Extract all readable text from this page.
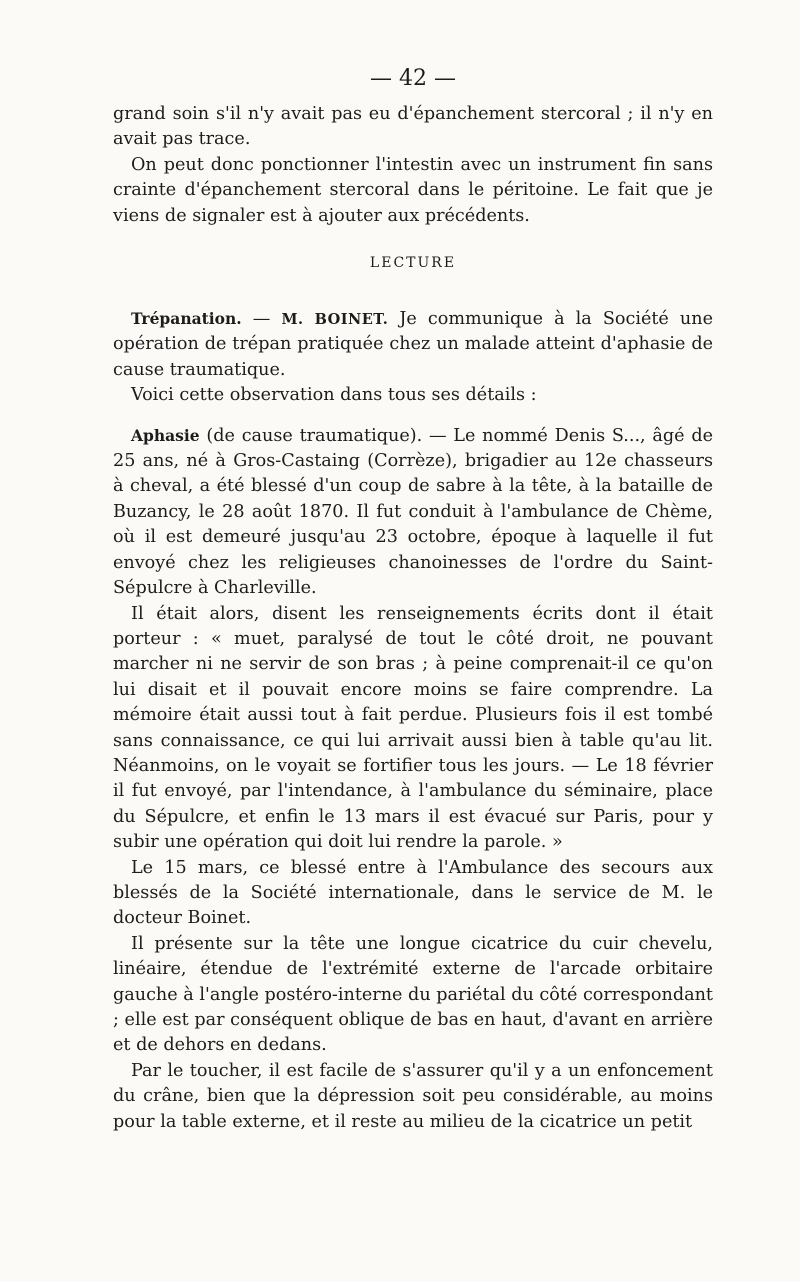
— 42 —

grand soin s'il n'y avait pas eu d'épanchement stercoral ; il n'y en avait pas trace.

On peut donc ponctionner l'intestin avec un instrument fin sans crainte d'épanchement stercoral dans le péritoine. Le fait que je viens de signaler est à ajouter aux précédents.

LECTURE

Trépanation. — M. BOINET. Je communique à la Société une opération de trépan pratiquée chez un malade atteint d'aphasie de cause traumatique.

Voici cette observation dans tous ses détails :

Aphasie (de cause traumatique). — Le nommé Denis S..., âgé de 25 ans, né à Gros-Castaing (Corrèze), brigadier au 12e chasseurs à cheval, a été blessé d'un coup de sabre à la tête, à la bataille de Buzancy, le 28 août 1870. Il fut conduit à l'ambulance de Chème, où il est demeuré jusqu'au 23 octobre, époque à laquelle il fut envoyé chez les religieuses chanoinesses de l'ordre du Saint-Sépulcre à Charleville.

Il était alors, disent les renseignements écrits dont il était porteur : « muet, paralysé de tout le côté droit, ne pouvant marcher ni ne servir de son bras ; à peine comprenait-il ce qu'on lui disait et il pouvait encore moins se faire comprendre. La mémoire était aussi tout à fait perdue. Plusieurs fois il est tombé sans connaissance, ce qui lui arrivait aussi bien à table qu'au lit. Néanmoins, on le voyait se fortifier tous les jours. — Le 18 février il fut envoyé, par l'intendance, à l'ambulance du séminaire, place du Sépulcre, et enfin le 13 mars il est évacué sur Paris, pour y subir une opération qui doit lui rendre la parole. »

Le 15 mars, ce blessé entre à l'Ambulance des secours aux blessés de la Société internationale, dans le service de M. le docteur Boinet.

Il présente sur la tête une longue cicatrice du cuir chevelu, linéaire, étendue de l'extrémité externe de l'arcade orbitaire gauche à l'angle postéro-interne du pariétal du côté correspondant ; elle est par conséquent oblique de bas en haut, d'avant en arrière et de dehors en dedans.

Par le toucher, il est facile de s'assurer qu'il y a un enfoncement du crâne, bien que la dépression soit peu considérable, au moins pour la table externe, et il reste au milieu de la cicatrice un petit
